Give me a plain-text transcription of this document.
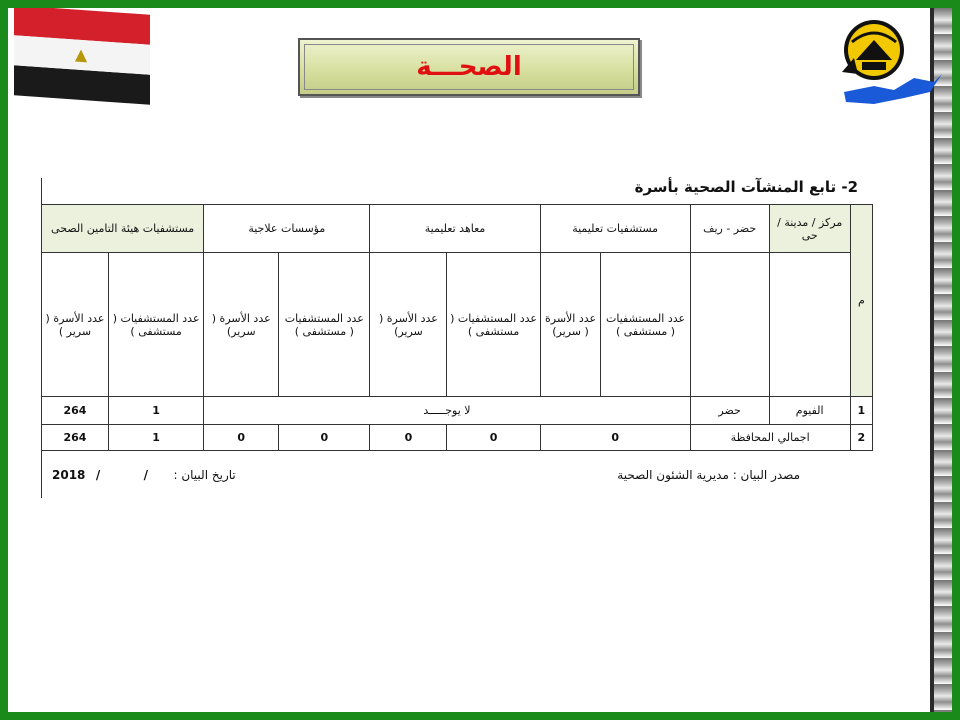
▲	الصحـــة
2- تابع المنشآت الصحية بأسرة
م	مركز / مدينة / حى	حضر - ريف	مستشفيات تعليمية		معاهد تعليمية		مؤسسات علاجية		مستشفيات هيئة التامين الصحى	
			عدد المستشفيات ( مستشفى )	عدد الأسرة ( سرير)	عدد المستشفيات ( مستشفى )	عدد الأسرة ( سرير)	عدد المستشفيات ( مستشفى )	عدد الأسرة ( سرير)	عدد المستشفيات ( مستشفى )	عدد الأسرة ( سرير )
1	الفيوم	حضر	لا يوجـــــد						1	264
2	اجمالي المحافظة		0		0	0	0	0	1	264
مصدر البيان : مديرية الشئون الصحية
2018 /	/ تاريخ البيان :
